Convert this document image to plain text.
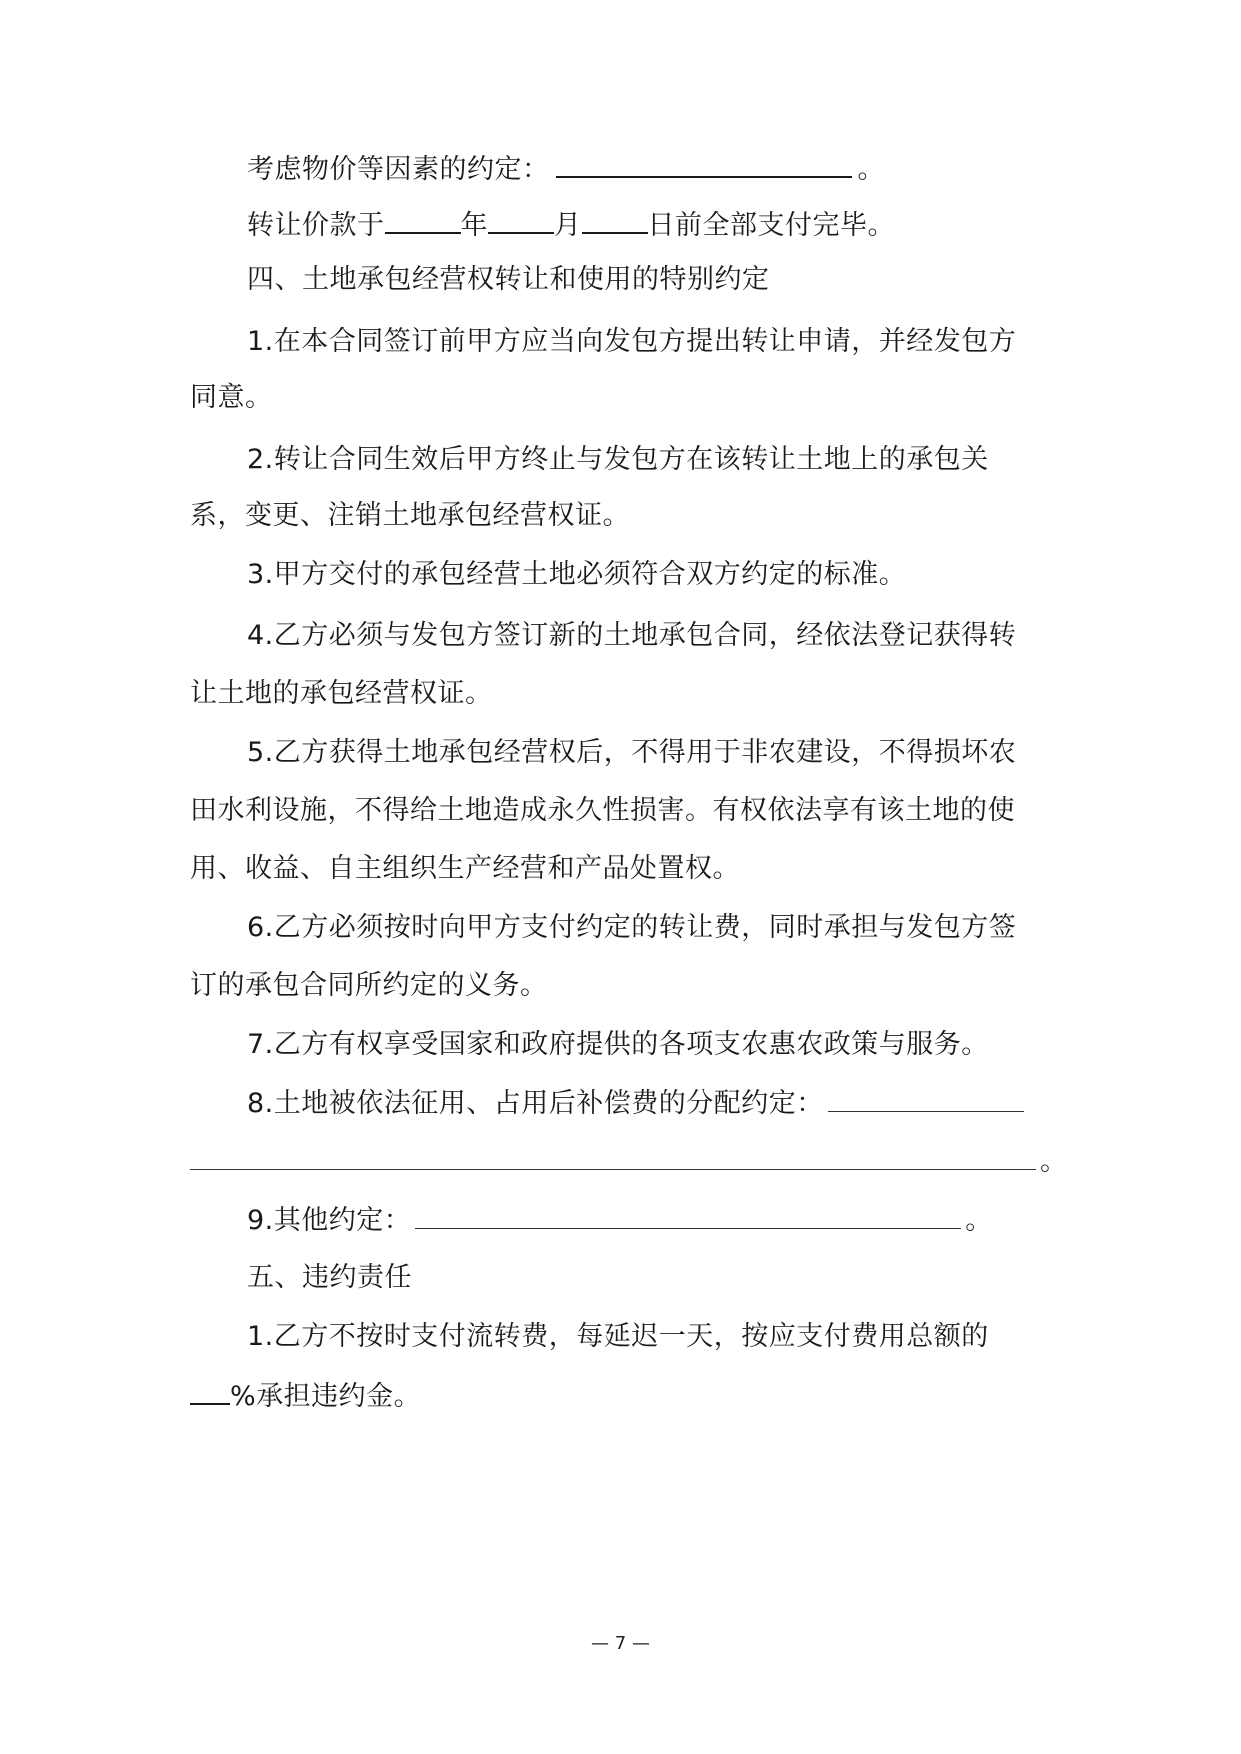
考虑物价等因素的约定：	。
转让价款于	年 月 日前全部支付完毕。
四、土地承包经营权转让和使用的特别约定
1.在本合同签订前甲方应当向发包方提出转让申请，并经发包方
同意。
2.转让合同生效后甲方终止与发包方在该转让土地上的承包关
系，变更、注销土地承包经营权证。
3.甲方交付的承包经营土地必须符合双方约定的标准。
4.乙方必须与发包方签订新的土地承包合同，经依法登记获得转
让土地的承包经营权证。
5.乙方获得土地承包经营权后，不得用于非农建设，不得损坏农
田水利设施，不得给土地造成永久性损害。有权依法享有该土地的使
用、收益、自主组织生产经营和产品处置权。
6.乙方必须按时向甲方支付约定的转让费，同时承担与发包方签
订的承包合同所约定的义务。
7.乙方有权享受国家和政府提供的各项支农惠农政策与服务。
8.土地被依法征用、占用后补偿费的分配约定：
。
9.其他约定：	。
五、违约责任
1.乙方不按时支付流转费，每延迟一天，按应支付费用总额的
%承担违约金。
— 7 —
